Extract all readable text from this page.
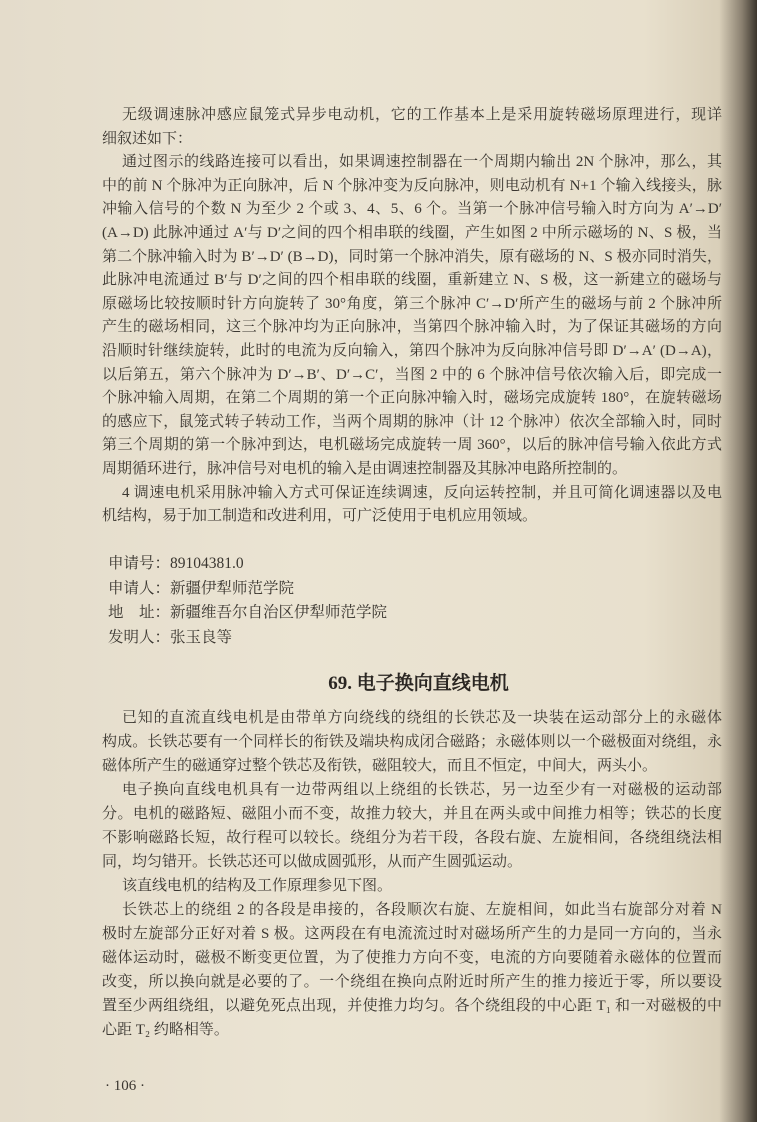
无级调速脉冲感应鼠笼式异步电动机，它的工作基本上是采用旋转磁场原理进行，现详
细叙述如下：
通过图示的线路连接可以看出，如果调速控制器在一个周期内输出 2N 个脉冲，那么，其
中的前 N 个脉冲为正向脉冲，后 N 个脉冲变为反向脉冲，则电动机有 N+1 个输入线接头，脉
冲输入信号的个数 N 为至少 2 个或 3、4、5、6 个。当第一个脉冲信号输入时方向为 A′→D′
(A→D) 此脉冲通过 A′与 D′之间的四个相串联的线圈，产生如图 2 中所示磁场的 N、S 极，当
第二个脉冲输入时为 B′→D′ (B→D)，同时第一个脉冲消失，原有磁场的 N、S 极亦同时消失，
此脉冲电流通过 B′与 D′之间的四个相串联的线圈，重新建立 N、S 极，这一新建立的磁场与
原磁场比较按顺时针方向旋转了 30°角度，第三个脉冲 C′→D′所产生的磁场与前 2 个脉冲所
产生的磁场相同，这三个脉冲均为正向脉冲，当第四个脉冲输入时，为了保证其磁场的方向
沿顺时针继续旋转，此时的电流为反向输入，第四个脉冲为反向脉冲信号即 D′→A′ (D→A)，
以后第五，第六个脉冲为 D′→B′、D′→C′，当图 2 中的 6 个脉冲信号依次输入后，即完成一
个脉冲输入周期，在第二个周期的第一个正向脉冲输入时，磁场完成旋转 180°，在旋转磁场
的感应下，鼠笼式转子转动工作，当两个周期的脉冲（计 12 个脉冲）依次全部输入时，同时
第三个周期的第一个脉冲到达，电机磁场完成旋转一周 360°，以后的脉冲信号输入依此方式
周期循环进行，脉冲信号对电机的输入是由调速控制器及其脉冲电路所控制的。
4 调速电机采用脉冲输入方式可保证连续调速，反向运转控制，并且可简化调速器以及电
机结构，易于加工制造和改进利用，可广泛使用于电机应用领域。
申请号：89104381.0
申请人：新疆伊犁师范学院
地　址：新疆维吾尔自治区伊犁师范学院
发明人：张玉良等
69. 电子换向直线电机
已知的直流直线电机是由带单方向绕线的绕组的长铁芯及一块装在运动部分上的永磁体
构成。长铁芯要有一个同样长的衔铁及端块构成闭合磁路；永磁体则以一个磁极面对绕组，永
磁体所产生的磁通穿过整个铁芯及衔铁，磁阻较大，而且不恒定，中间大，两头小。
电子换向直线电机具有一边带两组以上绕组的长铁芯，另一边至少有一对磁极的运动部
分。电机的磁路短、磁阻小而不变，故推力较大，并且在两头或中间推力相等；铁芯的长度
不影响磁路长短，故行程可以较长。绕组分为若干段，各段右旋、左旋相间，各绕组绕法相
同，均匀错开。长铁芯还可以做成圆弧形，从而产生圆弧运动。
该直线电机的结构及工作原理参见下图。
长铁芯上的绕组 2 的各段是串接的，各段顺次右旋、左旋相间，如此当右旋部分对着 N
极时左旋部分正好对着 S 极。这两段在有电流流过时对磁场所产生的力是同一方向的，当永
磁体运动时，磁极不断变更位置，为了使推力方向不变，电流的方向要随着永磁体的位置而
改变，所以换向就是必要的了。一个绕组在换向点附近时所产生的推力接近于零，所以要设
置至少两组绕组，以避免死点出现，并使推力均匀。各个绕组段的中心距 T₁ 和一对磁极的中
心距 T₂ 约略相等。
· 106 ·
